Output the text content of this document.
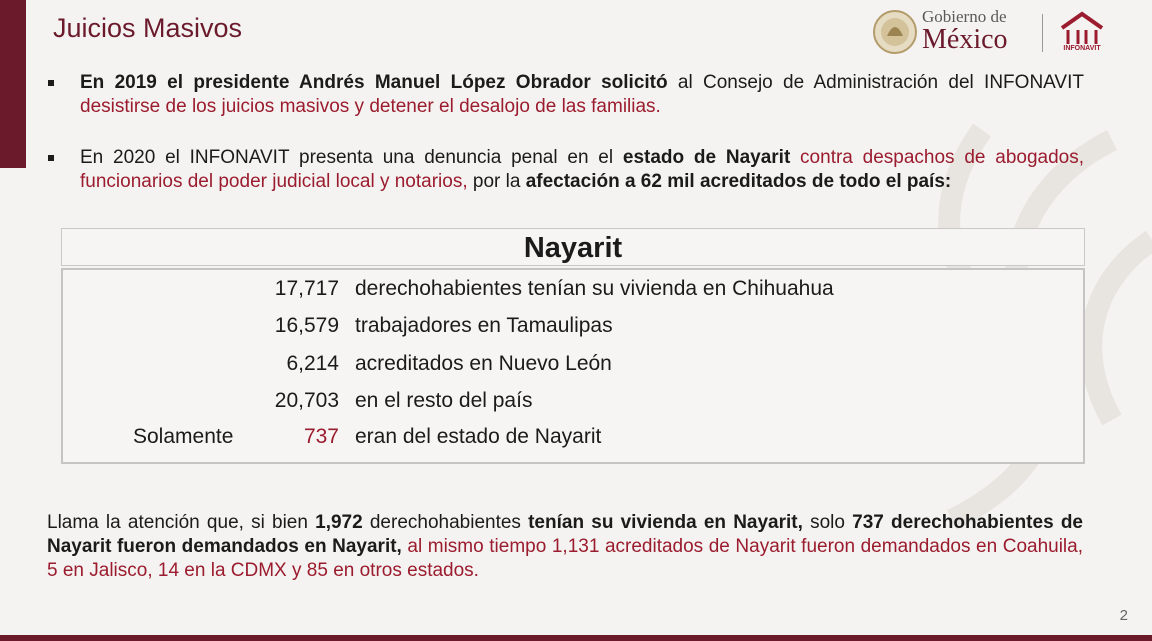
Juicios Masivos	Gobierno de
México	INFONAVIT
En 2019 el presidente Andrés Manuel López Obrador solicitó al Consejo de Administración del INFONAVIT desistirse de los juicios masivos y detener el desalojo de las familias.
En 2020 el INFONAVIT presenta una denuncia penal en el estado de Nayarit contra despachos de abogados, funcionarios del poder judicial local y notarios, por la afectación a 62 mil acreditados de todo el país:
Nayarit
17,717 derechohabientes tenían su vivienda en Chihuahua
16,579 trabajadores en Tamaulipas
6,214 acreditados en Nuevo León
20,703 en el resto del país
Solamente	737 eran del estado de Nayarit
Llama la atención que, si bien 1,972 derechohabientes tenían su vivienda en Nayarit, solo 737 derechohabientes de Nayarit fueron demandados en Nayarit, al mismo tiempo 1,131 acreditados de Nayarit fueron demandados en Coahuila, 5 en Jalisco, 14 en la CDMX y 85 en otros estados.
2
